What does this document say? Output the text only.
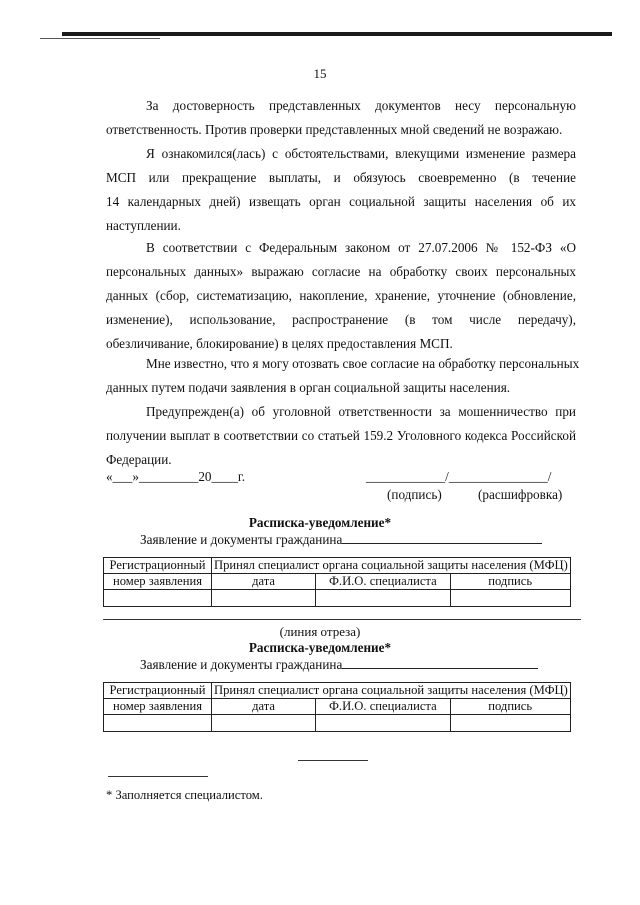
15
За достоверность представленных документов несу персональную
ответственность. Против проверки представленных мной сведений не возражаю.
Я ознакомился(лась) с обстоятельствами, влекущими изменение размера
МСП или прекращение выплаты, и обязуюсь своевременно (в течение
14 календарных дней) извещать орган социальной защиты населения об их
наступлении.
В соответствии с Федеральным законом от 27.07.2006 № 152-ФЗ «О
персональных данных» выражаю согласие на обработку своих персональных
данных (сбор, систематизацию, накопление, хранение, уточнение (обновление,
изменение), использование, распространение (в том числе передачу),
обезличивание, блокирование) в целях предоставления МСП.
Мне известно, что я могу отозвать свое согласие на обработку персональных
данных путем подачи заявления в орган социальной защиты населения.
Предупрежден(а) об уголовной ответственности за мошенничество при
получении выплат в соответствии со статьей 159.2 Уголовного кодекса Российской
Федерации.
«___»_________20____г.	____________/_______________/
(подпись)	(расшифровка)
Расписка-уведомление*
Заявление и документы гражданина
Регистрационный	Принял специалист органа социальной защиты населения (МФЦ)		
номер заявления	дата	Ф.И.О. специалиста	подпись

(линия отреза)
Расписка-уведомление*
Заявление и документы гражданина
Регистрационный	Принял специалист органа социальной защиты населения (МФЦ)		
номер заявления	дата	Ф.И.О. специалиста	подпись

* Заполняется специалистом.
